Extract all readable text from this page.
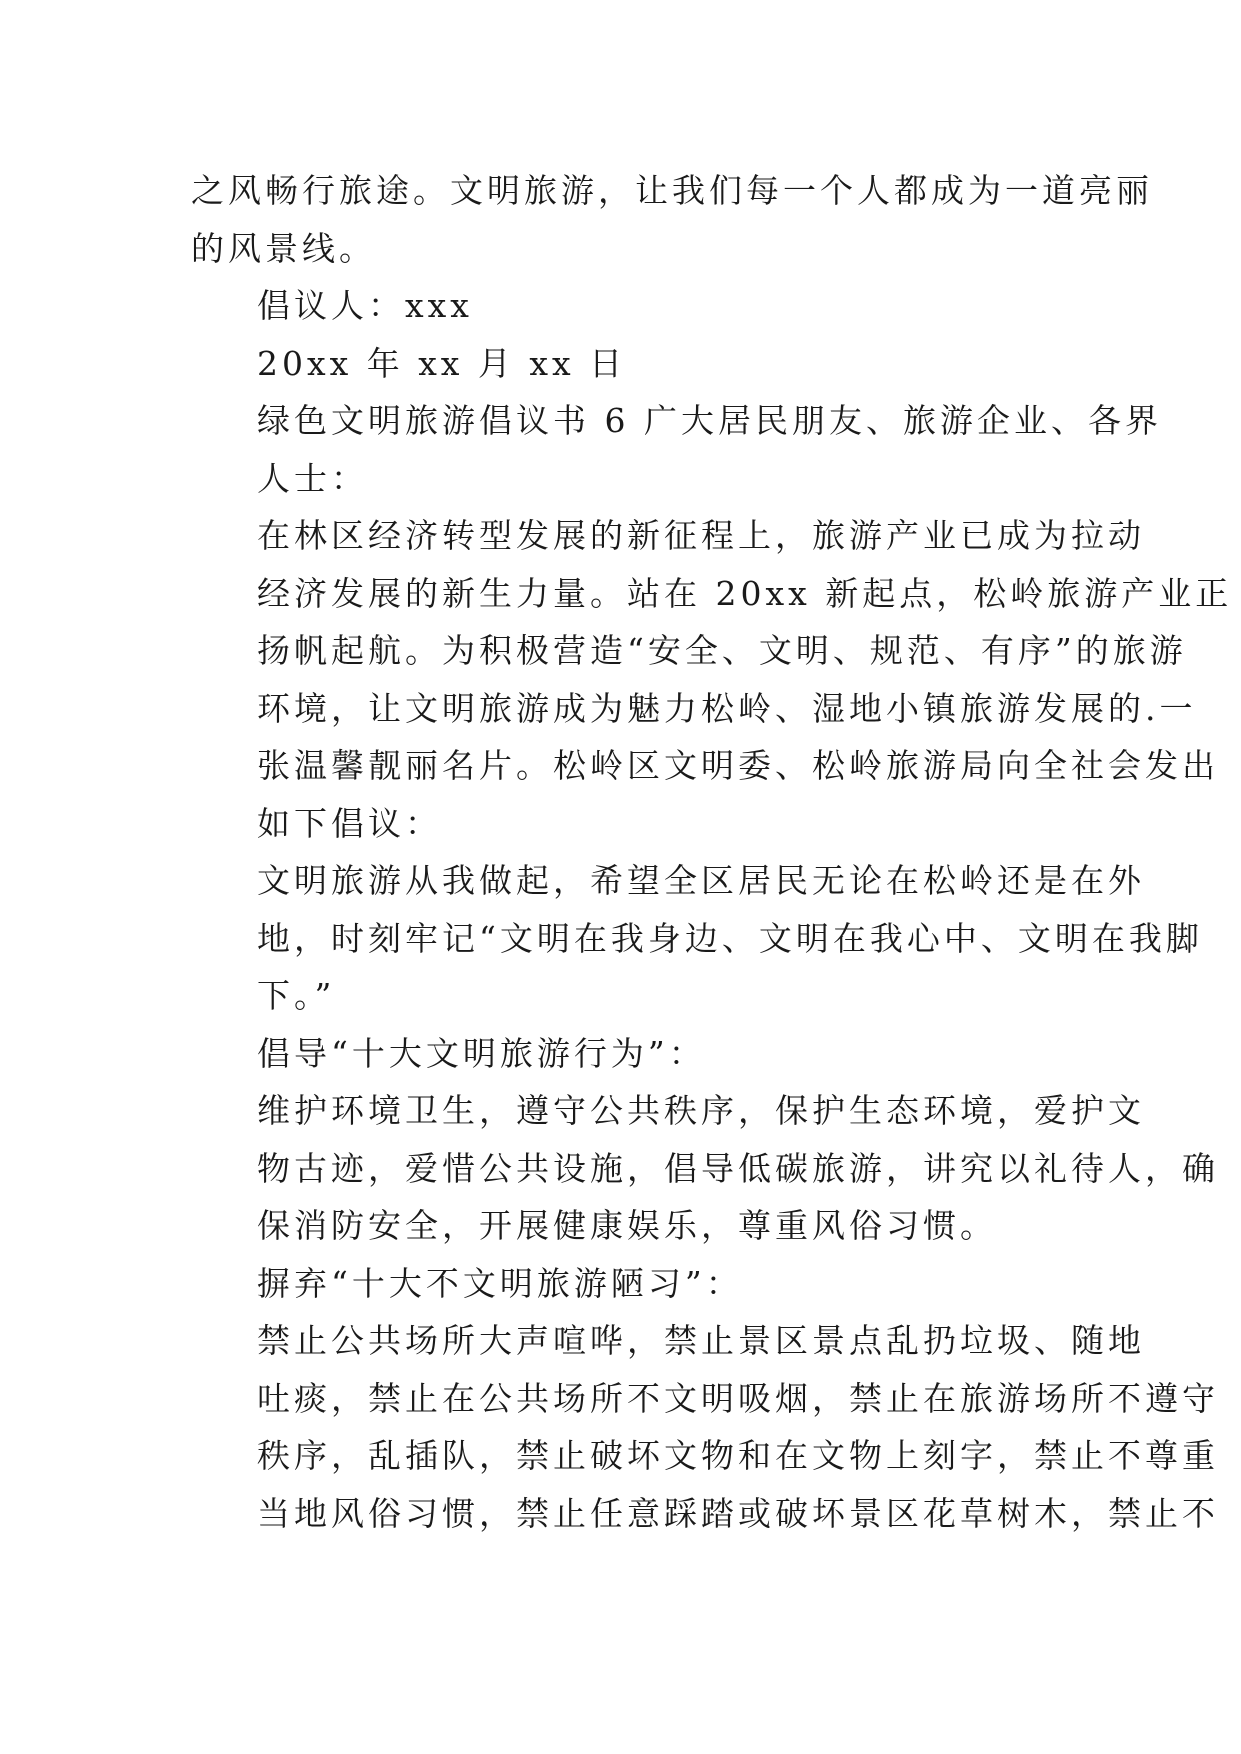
之风畅行旅途。文明旅游，让我们每一个人都成为一道亮丽
的风景线。

倡议人：xxx

20xx 年 xx 月 xx 日

绿色文明旅游倡议书 6 广大居民朋友、旅游企业、各界
人士：

在林区经济转型发展的新征程上，旅游产业已成为拉动
经济发展的新生力量。站在 20xx 新起点，松岭旅游产业正
扬帆起航。为积极营造“安全、文明、规范、有序”的旅游
环境，让文明旅游成为魅力松岭、湿地小镇旅游发展的.一
张温馨靓丽名片。松岭区文明委、松岭旅游局向全社会发出
如下倡议：

文明旅游从我做起，希望全区居民无论在松岭还是在外
地，时刻牢记“文明在我身边、文明在我心中、文明在我脚
下。”

倡导“十大文明旅游行为”：

维护环境卫生，遵守公共秩序，保护生态环境，爱护文
物古迹，爱惜公共设施，倡导低碳旅游，讲究以礼待人，确
保消防安全，开展健康娱乐，尊重风俗习惯。

摒弃“十大不文明旅游陋习”：

禁止公共场所大声喧哗，禁止景区景点乱扔垃圾、随地
吐痰，禁止在公共场所不文明吸烟，禁止在旅游场所不遵守
秩序，乱插队，禁止破坏文物和在文物上刻字，禁止不尊重
当地风俗习惯，禁止任意踩踏或破坏景区花草树木，禁止不
